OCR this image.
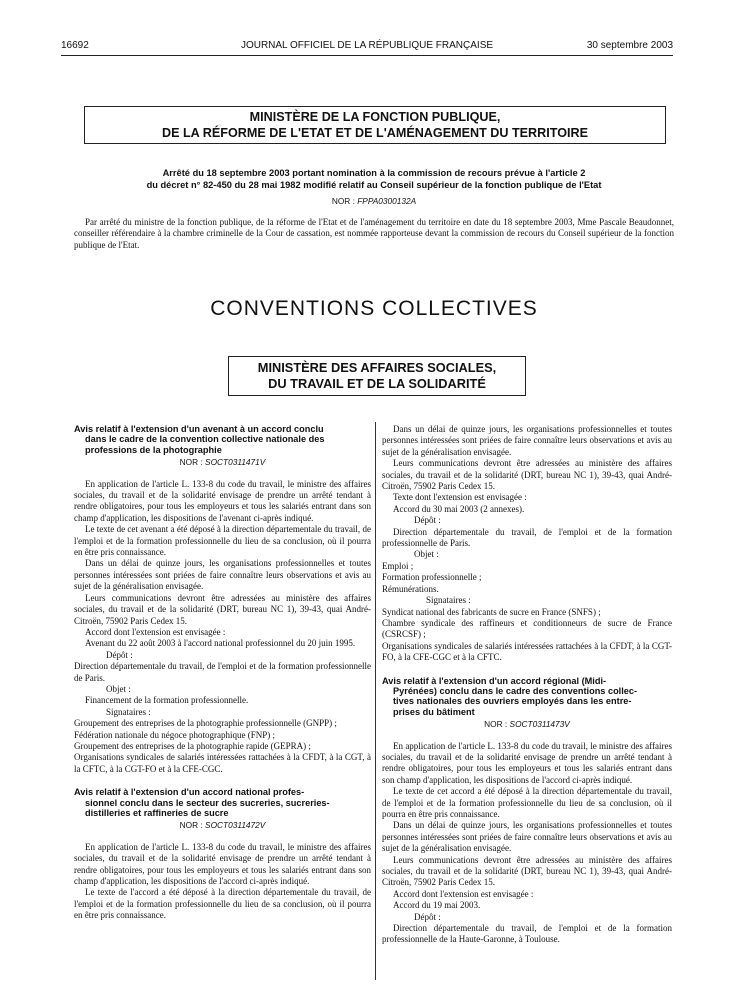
16692	JOURNAL OFFICIEL DE LA RÉPUBLIQUE FRANÇAISE	30 septembre 2003
MINISTÈRE DE LA FONCTION PUBLIQUE,
DE LA RÉFORME DE L'ETAT ET DE L'AMÉNAGEMENT DU TERRITOIRE
Arrêté du 18 septembre 2003 portant nomination à la commission de recours prévue à l'article 2
du décret n° 82-450 du 28 mai 1982 modifié relatif au Conseil supérieur de la fonction publique de l'Etat
NOR : FPPA0300132A

Par arrêté du ministre de la fonction publique, de la réforme de l'Etat et de l'aménagement du territoire en date du 18 septembre 2003, Mme Pascale Beaudonnet, conseiller référendaire à la chambre criminelle de la Cour de cassation, est nommée rapporteuse devant la commission de recours du Conseil supérieur de la fonction publique de l'Etat.

CONVENTIONS COLLECTIVES
MINISTÈRE DES AFFAIRES SOCIALES,
DU TRAVAIL ET DE LA SOLIDARITÉ
Avis relatif à l'extension d'un avenant à un accord conclu
dans le cadre de la convention collective nationale des
professions de la photographie
NOR : SOCT0311471V

En application de l'article L. 133-8 du code du travail, le ministre des affaires sociales, du travail et de la solidarité envisage de prendre un arrêté tendant à rendre obligatoires, pour tous les employeurs et tous les salariés entrant dans son champ d'application, les dispositions de l'avenant ci-après indiqué.

Le texte de cet avenant a été déposé à la direction départementale du travail, de l'emploi et de la formation professionnelle du lieu de sa conclusion, où il pourra en être pris connaissance.

Dans un délai de quinze jours, les organisations professionnelles et toutes personnes intéressées sont priées de faire connaître leurs observations et avis au sujet de la généralisation envisagée.

Leurs communications devront être adressées au ministère des affaires sociales, du travail et de la solidarité (DRT, bureau NC 1), 39-43, quai André-Citroën, 75902 Paris Cedex 15.

Accord dont l'extension est envisagée :

Avenant du 22 août 2003 à l'accord national professionnel du 20 juin 1995.

Dépôt :

Direction départementale du travail, de l'emploi et de la formation professionnelle de Paris.

Objet :

Financement de la formation professionnelle.

Signataires :

Groupement des entreprises de la photographie professionnelle (GNPP) ;

Fédération nationale du négoce photographique (FNP) ;

Groupement des entreprises de la photographie rapide (GEPRA) ;

Organisations syndicales de salariés intéressées rattachées à la CFDT, à la CGT, à la CFTC, à la CGT-FO et à la CFE-CGC.

Avis relatif à l'extension d'un accord national profes-
sionnel conclu dans le secteur des sucreries, sucreries-
distilleries et raffineries de sucre
NOR : SOCT0311472V

En application de l'article L. 133-8 du code du travail, le ministre des affaires sociales, du travail et de la solidarité envisage de prendre un arrêté tendant à rendre obligatoires, pour tous les employeurs et tous les salariés entrant dans son champ d'application, les dispositions de l'accord ci-après indiqué.

Le texte de l'accord a été déposé à la direction départementale du travail, de l'emploi et de la formation professionnelle du lieu de sa conclusion, où il pourra en être pris connaissance.

Dans un délai de quinze jours, les organisations professionnelles et toutes personnes intéressées sont priées de faire connaître leurs observations et avis au sujet de la généralisation envisagée.

Leurs communications devront être adressées au ministère des affaires sociales, du travail et de la solidarité (DRT, bureau NC 1), 39-43, quai André-Citroën, 75902 Paris Cedex 15.

Texte dont l'extension est envisagée :

Accord du 30 mai 2003 (2 annexes).

Dépôt :

Direction départementale du travail, de l'emploi et de la formation professionnelle de Paris.

Objet :

Emploi ;

Formation professionnelle ;

Rémunérations.

Signataires :

Syndicat national des fabricants de sucre en France (SNFS) ;

Chambre syndicale des raffineurs et conditionneurs de sucre de France (CSRCSF) ;

Organisations syndicales de salariés intéressées rattachées à la CFDT, à la CGT-FO, à la CFE-CGC et à la CFTC.

Avis relatif à l'extension d'un accord régional (Midi-
Pyrénées) conclu dans le cadre des conventions collec-
tives nationales des ouvriers employés dans les entre-
prises du bâtiment
NOR : SOCT0311473V

En application de l'article L. 133-8 du code du travail, le ministre des affaires sociales, du travail et de la solidarité envisage de prendre un arrêté tendant à rendre obligatoires, pour tous les employeurs et tous les salariés entrant dans son champ d'application, les dispositions de l'accord ci-après indiqué.

Le texte de cet accord a été déposé à la direction départementale du travail, de l'emploi et de la formation professionnelle du lieu de sa conclusion, où il pourra en être pris connaissance.

Dans un délai de quinze jours, les organisations professionnelles et toutes personnes intéressées sont priées de faire connaître leurs observations et avis au sujet de la généralisation envisagée.

Leurs communications devront être adressées au ministère des affaires sociales, du travail et de la solidarité (DRT, bureau NC 1), 39-43, quai André-Citroën, 75902 Paris Cedex 15.

Accord dont l'extension est envisagée :

Accord du 19 mai 2003.

Dépôt :

Direction départementale du travail, de l'emploi et de la formation professionnelle de la Haute-Garonne, à Toulouse.
